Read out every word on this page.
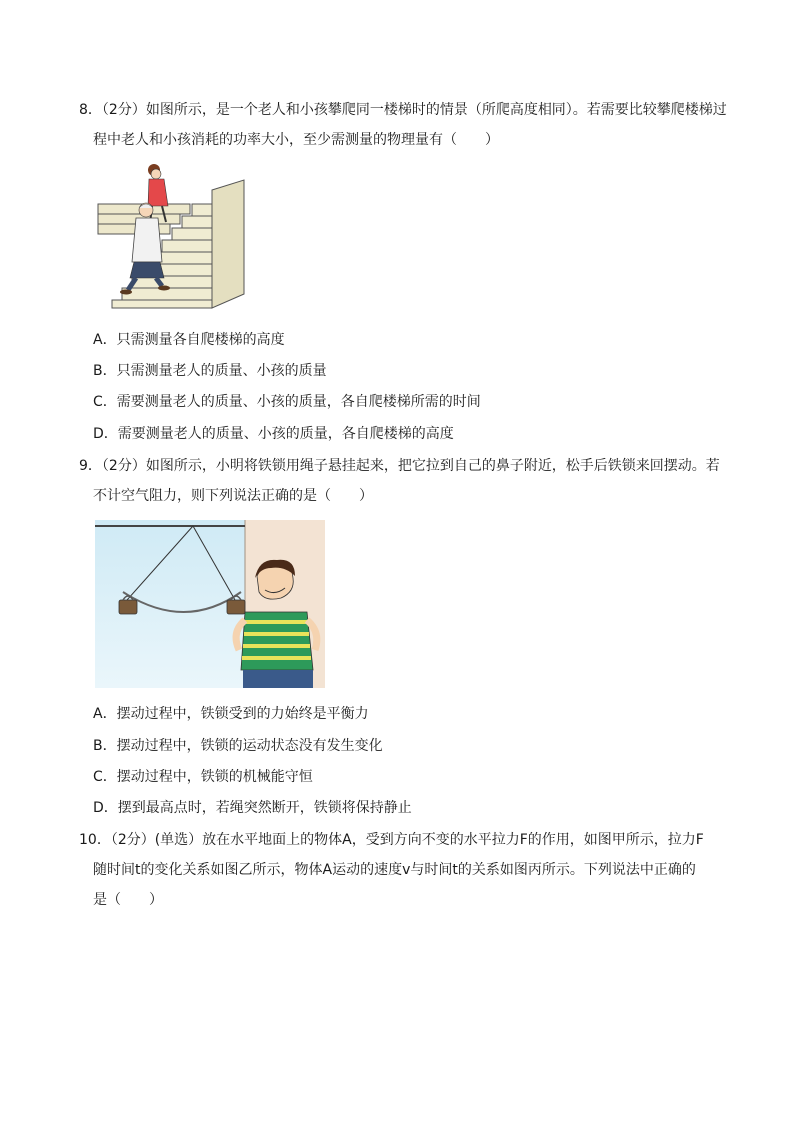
8．（2分）如图所示，是一个老人和小孩攀爬同一楼梯时的情景（所爬高度相同）。若需要比较攀爬楼梯过
程中老人和小孩消耗的功率大小，至少需测量的物理量有（　　）
A．只需测量各自爬楼梯的高度
B．只需测量老人的质量、小孩的质量
C．需要测量老人的质量、小孩的质量，各自爬楼梯所需的时间
D．需要测量老人的质量、小孩的质量，各自爬楼梯的高度
9．（2分）如图所示，小明将铁锁用绳子悬挂起来，把它拉到自己的鼻子附近，松手后铁锁来回摆动。若
不计空气阻力，则下列说法正确的是（　　）
A．摆动过程中，铁锁受到的力始终是平衡力
B．摆动过程中，铁锁的运动状态没有发生变化
C．摆动过程中，铁锁的机械能守恒
D．摆到最高点时，若绳突然断开，铁锁将保持静止
10．（2分）(单选）放在水平地面上的物体A，受到方向不变的水平拉力F的作用，如图甲所示，拉力F
随时间t的变化关系如图乙所示，物体A运动的速度v与时间t的关系如图丙所示。下列说法中正确的
是（　　）
